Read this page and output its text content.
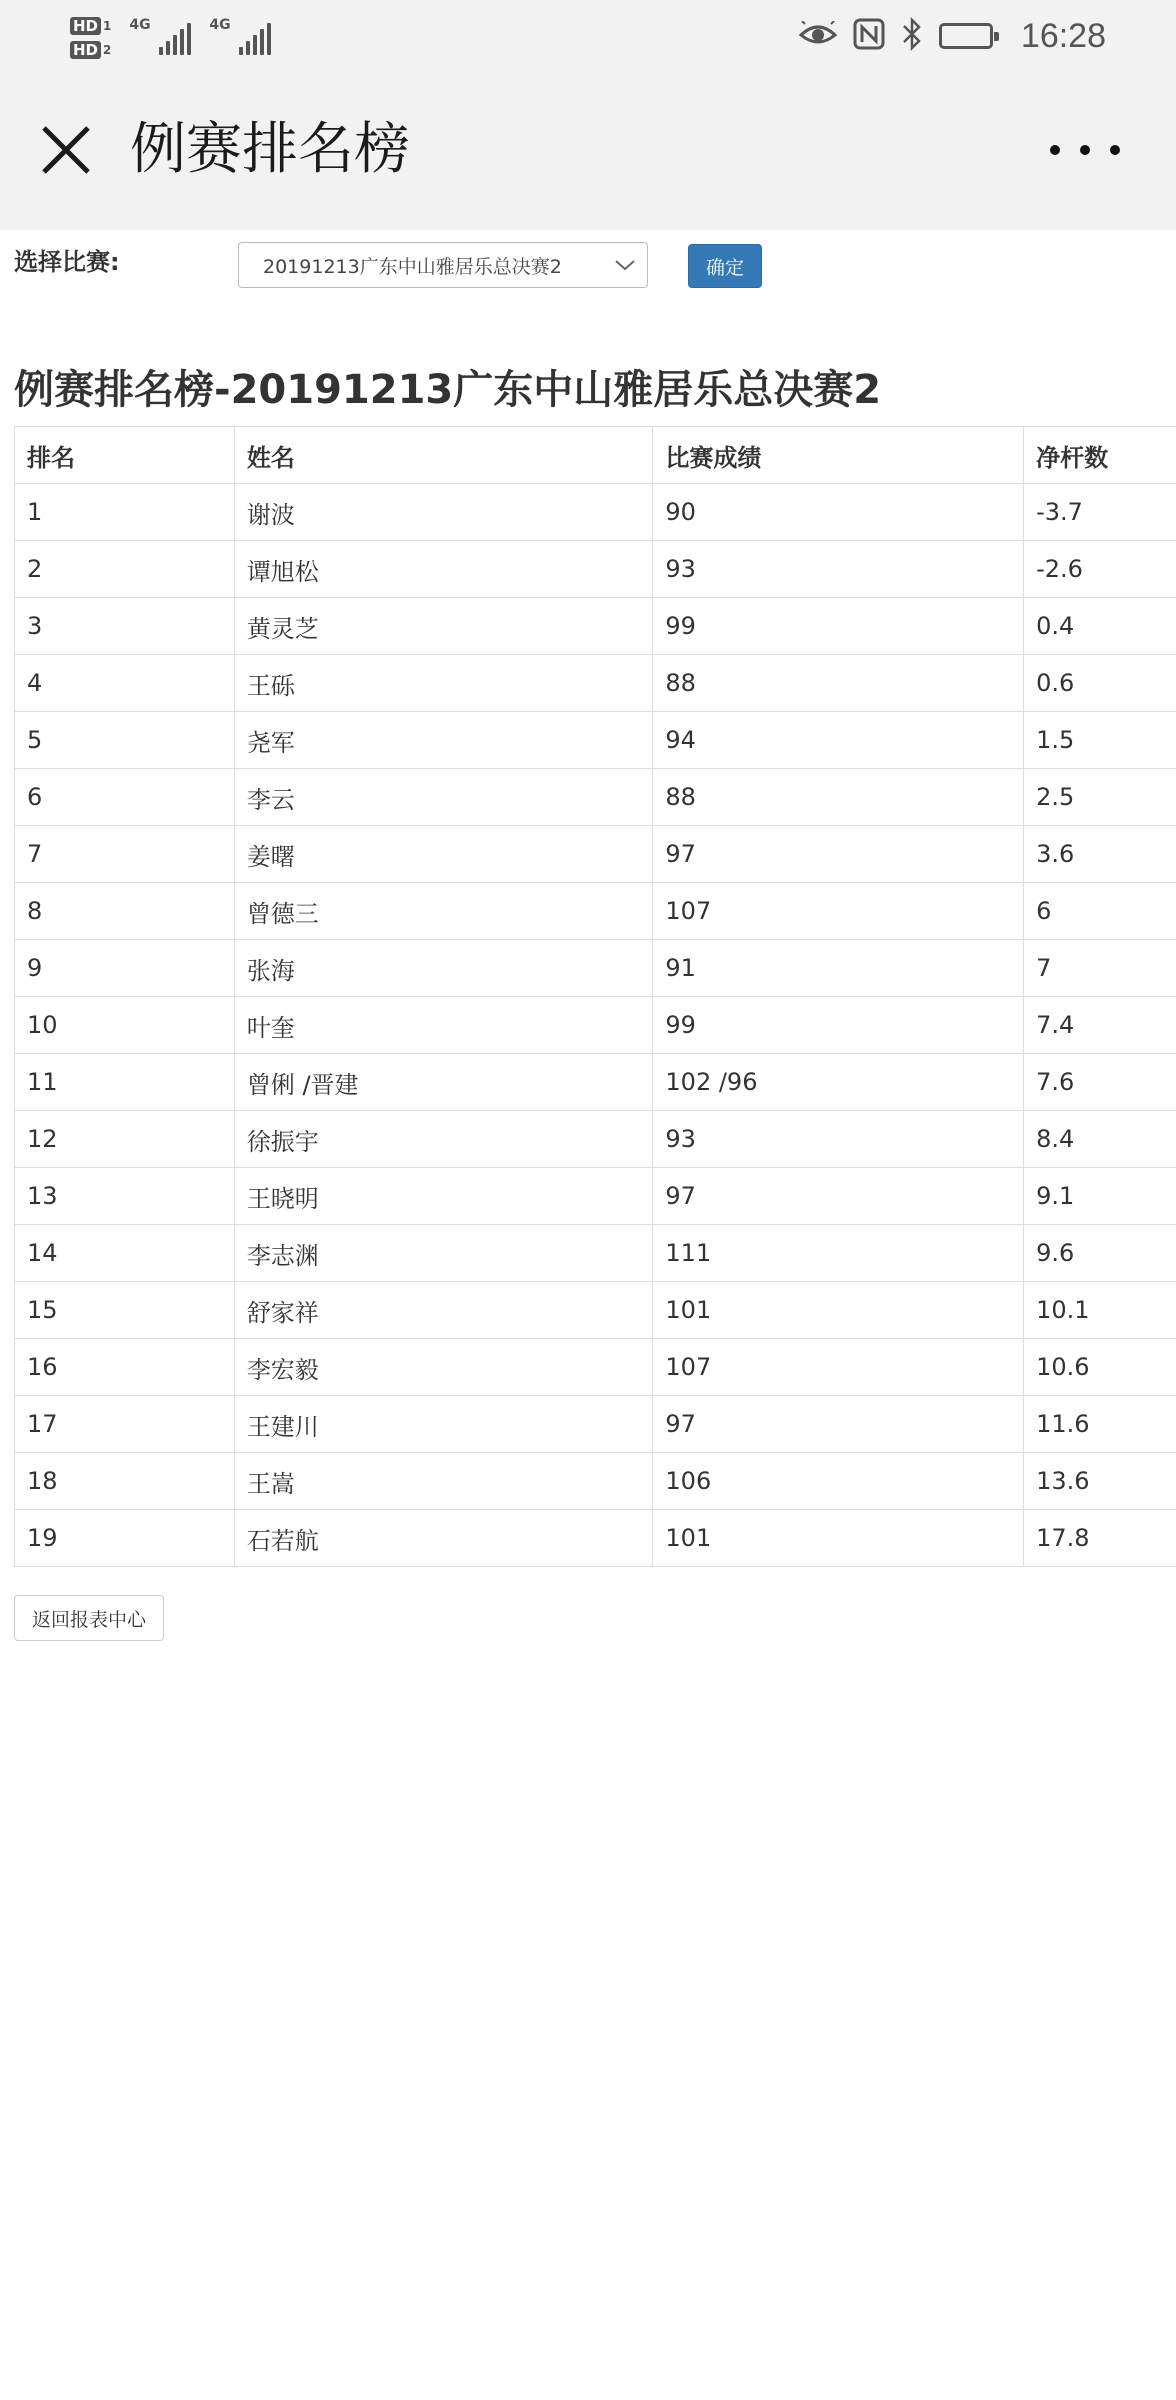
HD 1
HD 2
4G	4G	16:28
例赛排名榜
选择比赛:	20191213广东中山雅居乐总决赛2	确定
例赛排名榜-20191213广东中山雅居乐总决赛2
排名	姓名	比赛成绩	净杆数
1	谢波	90	-3.7
2	谭旭松	93	-2.6
3	黄灵芝	99	0.4
4	王砾	88	0.6
5	尧军	94	1.5
6	李云	88	2.5
7	姜曙	97	3.6
8	曾德三	107	6
9	张海	91	7
10	叶奎	99	7.4
11	曾俐 /晋建	102 /96	7.6
12	徐振宇	93	8.4
13	王晓明	97	9.1
14	李志渊	111	9.6
15	舒家祥	101	10.1
16	李宏毅	107	10.6
17	王建川	97	11.6
18	王嵩	106	13.6
19	石若航	101	17.8
返回报表中心
